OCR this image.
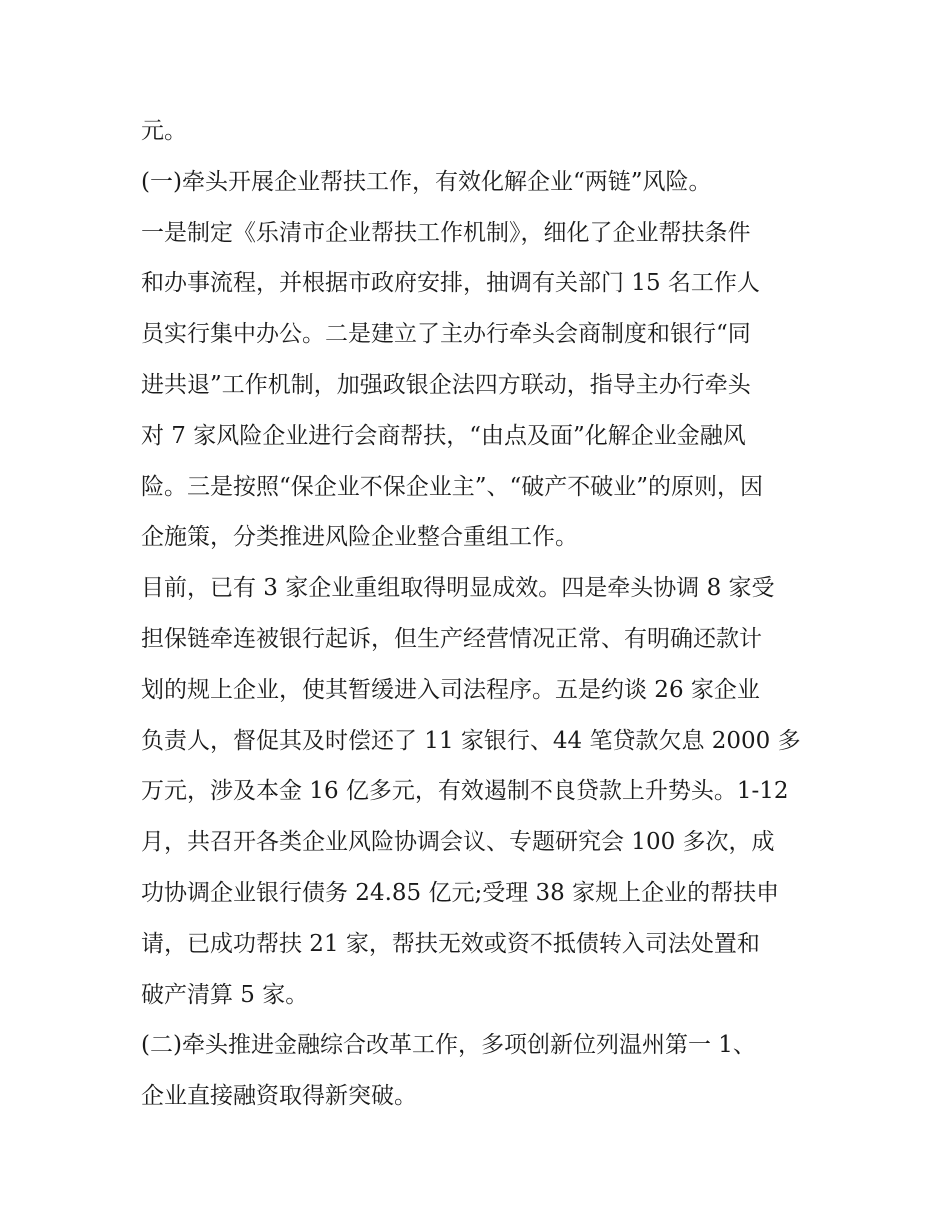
元。
(一)牵头开展企业帮扶工作，有效化解企业“两链”风险。
一是制定《乐清市企业帮扶工作机制》，细化了企业帮扶条件
和办事流程，并根据市政府安排，抽调有关部门 15 名工作人
员实行集中办公。二是建立了主办行牵头会商制度和银行“同
进共退”工作机制，加强政银企法四方联动，指导主办行牵头
对 7 家风险企业进行会商帮扶，“由点及面”化解企业金融风
险。三是按照“保企业不保企业主”、“破产不破业”的原则，因
企施策，分类推进风险企业整合重组工作。
目前，已有 3 家企业重组取得明显成效。四是牵头协调 8 家受
担保链牵连被银行起诉，但生产经营情况正常、有明确还款计
划的规上企业，使其暂缓进入司法程序。五是约谈 26 家企业
负责人，督促其及时偿还了 11 家银行、44 笔贷款欠息 2000 多
万元，涉及本金 16 亿多元，有效遏制不良贷款上升势头。1-12
月，共召开各类企业风险协调会议、专题研究会 100 多次，成
功协调企业银行债务 24.85 亿元;受理 38 家规上企业的帮扶申
请，已成功帮扶 21 家，帮扶无效或资不抵债转入司法处置和
破产清算 5 家。
(二)牵头推进金融综合改革工作，多项创新位列温州第一 1、
企业直接融资取得新突破。
